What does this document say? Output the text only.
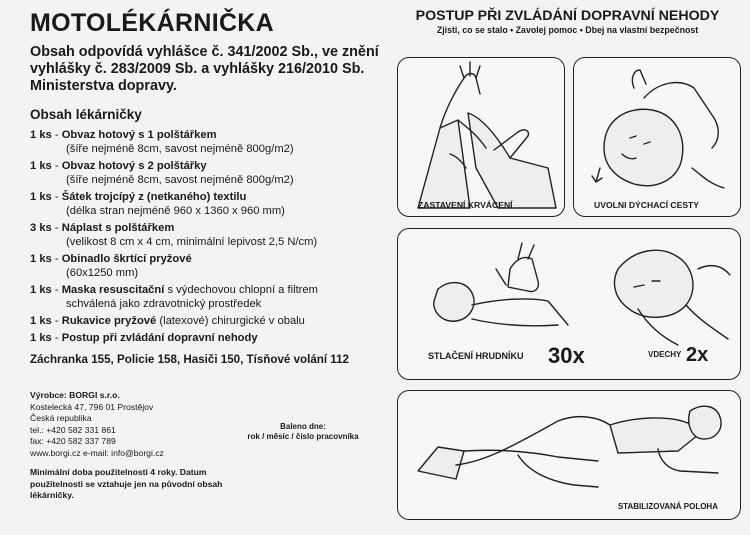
MOTOLÉKÁRNIČKA
Obsah odpovídá vyhlášce č. 341/2002 Sb., ve znění vyhlášky č. 283/2009 Sb. a vyhlášky 216/2010 Sb. Ministerstva dopravy.
Obsah lékárničky
1 ks - Obvaz hotový s 1 polštářkem
(šíře nejméně 8cm, savost nejméně 800g/m2)
1 ks - Obvaz hotový s 2 polštářky
(šíře nejméně 8cm, savost nejméně 800g/m2)
1 ks - Šátek trojcípý z (netkaného) textilu
(délka stran nejméně 960 x 1360 x 960 mm)
3 ks - Náplast s polštářkem
(velikost 8 cm x 4 cm, minimální lepivost 2,5 N/cm)
1 ks - Obinadlo škrtící pryžové
(60x1250 mm)
1 ks - Maska resuscitační s výdechovou chlopní a filtrem
schválená jako zdravotnický prostředek
1 ks - Rukavice pryžové (latexové) chirurgické v obalu
1 ks - Postup při zvládání dopravní nehody
Záchranka 155, Policie 158, Hasiči 150, Tísňové volání 112
Výrobce: BORGI s.r.o.
Kostelecká 47, 796 01 Prostějov
Česká republika
tel.: +420 582 331 861
fax: +420 582 337 789
www.borgi.cz e-mail: info@borgi.cz
Baleno dne:
rok / měsíc / číslo pracovníka
Minimální doba použitelnosti 4 roky. Datum použitelnosti se vztahuje jen na původní obsah lékárničky.
POSTUP PŘI ZVLÁDÁNÍ DOPRAVNÍ NEHODY
Zjisti, co se stalo • Zavolej pomoc • Dbej na vlastní bezpečnost
ZASTAVENÍ KRVÁCENÍ	UVOLNI DÝCHACÍ CESTY
STLAČENÍ HRUDNÍKU 30x	VDECHY 2x
STABILIZOVANÁ POLOHA
